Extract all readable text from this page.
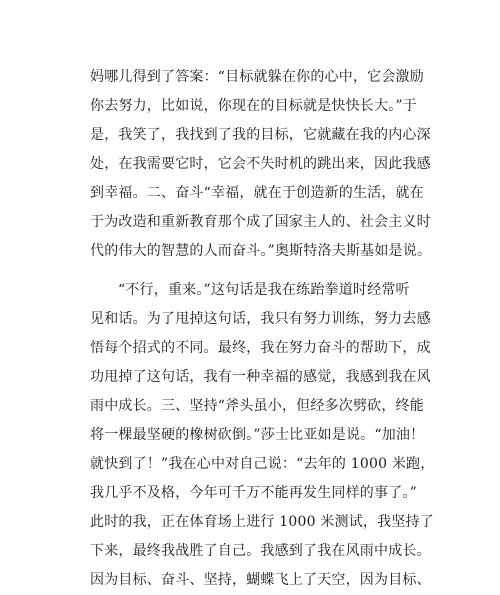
妈哪儿得到了答案：“目标就躲在你的心中，它会激励
你去努力，比如说，你现在的目标就是快快长大。”于
是，我笑了，我找到了我的目标，它就藏在我的内心深
处，在我需要它时，它会不失时机的跳出来，因此我感
到幸福。二、奋斗“幸福，就在于创造新的生活，就在
于为改造和重新教育那个成了国家主人的、社会主义时
代的伟大的智慧的人而奋斗。”奥斯特洛夫斯基如是说。
“不行，重来。”这句话是我在练跆拳道时经常听
见和话。为了甩掉这句话，我只有努力训练，努力去感
悟每个招式的不同。最终，我在努力奋斗的帮助下，成
功甩掉了这句话，我有一种幸福的感觉，我感到我在风
雨中成长。三、坚持“斧头虽小，但经多次劈砍，终能
将一棵最坚硬的橡树砍倒。”莎士比亚如是说。“加油！
就快到了！”我在心中对自己说：“去年的 1000 米跑，
我几乎不及格，今年可千万不能再发生同样的事了。”
此时的我，正在体育场上进行 1000 米测试，我坚持了
下来，最终我战胜了自己。我感到了我在风雨中成长。
因为目标、奋斗、坚持，蝴蝶飞上了天空，因为目标、
